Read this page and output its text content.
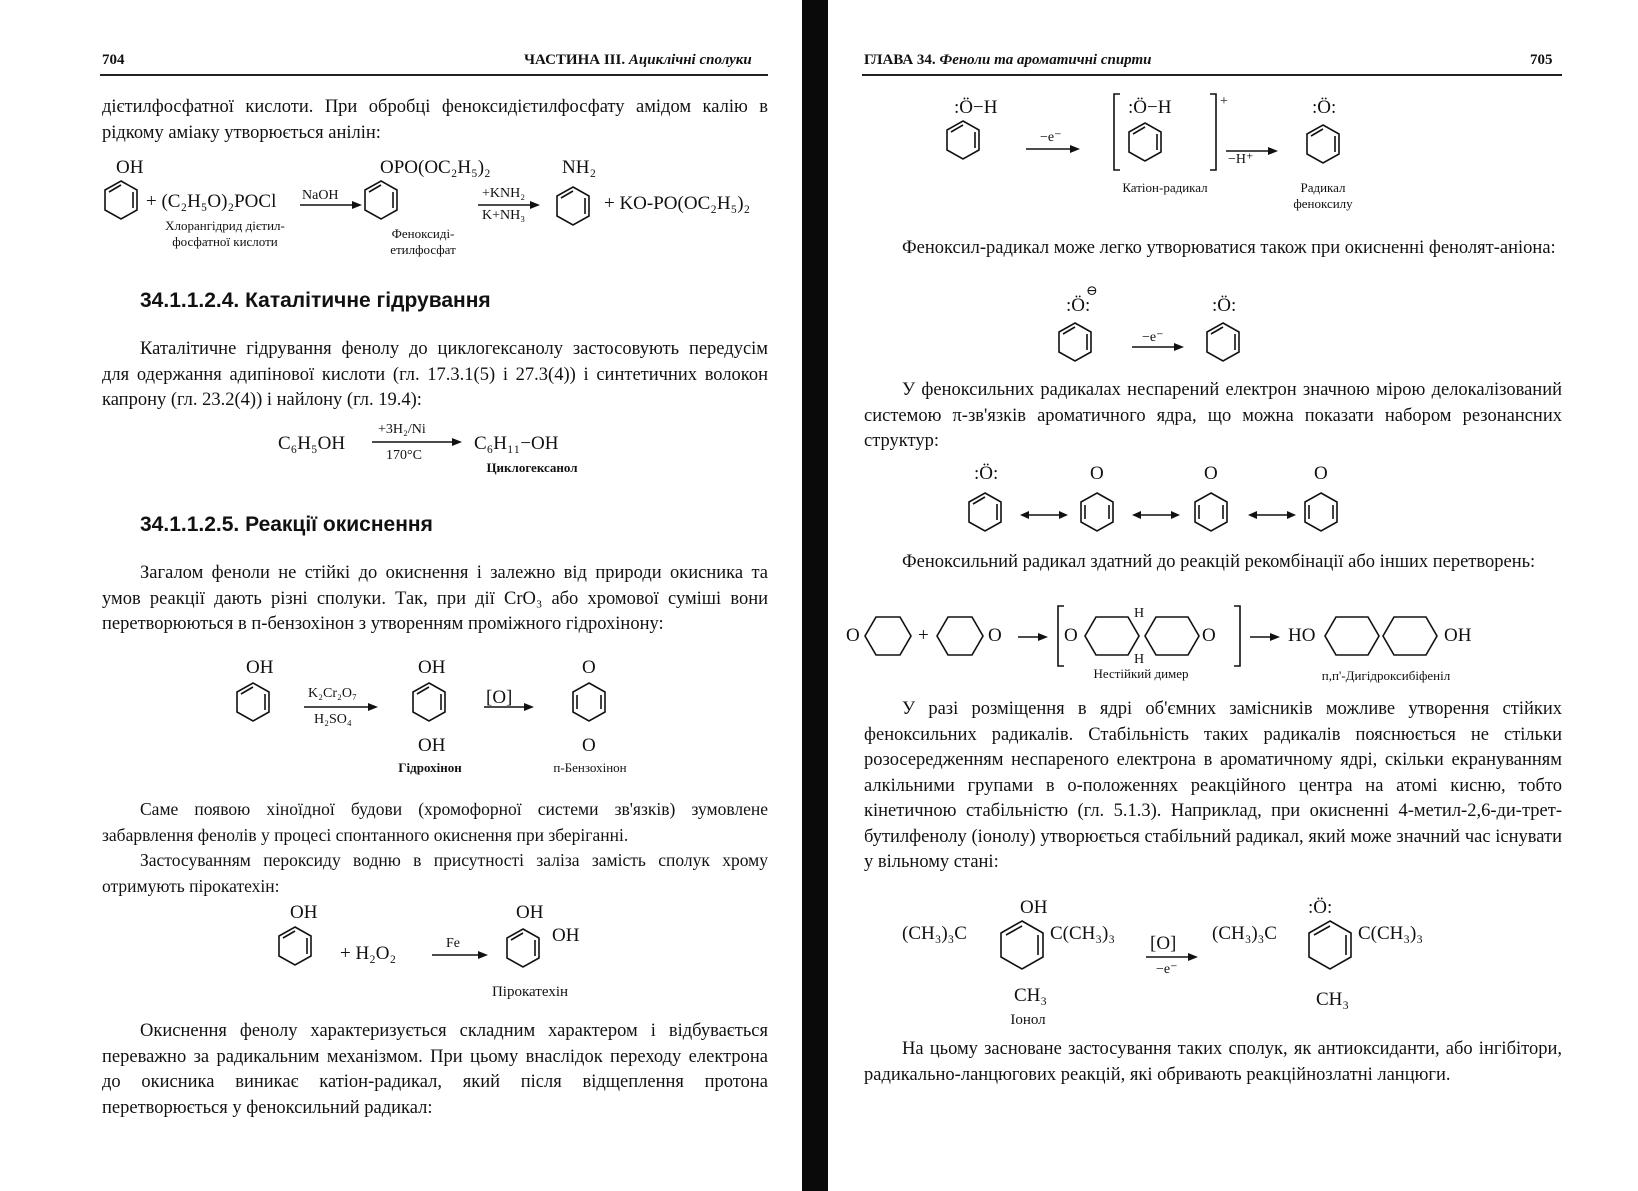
704	ЧАСТИНА III. Ациклічні сполуки
дієтилфосфатної кислоти. При обробці феноксидієтилфосфату амідом калію в рідкому аміаку утворюється анілін:
OH
+ (C₂H₅O)₂POCl NaOH
OPO(OC₂H₅)₂
+KNH₂
K+NH₃
NH₂
+ KO-PO(OC₂H₅)₂
Хлорангідрид дієтил-фосфатної кислоти
Феноксиді-етилфосфат
34.1.1.2.4. Каталітичне гідрування
Каталітичне гідрування фенолу до циклогексанолу застосовують передусім для одержання адипінової кислоти (гл. 17.3.1(5) і 27.3(4)) і синтетичних волокон капрону (гл. 23.2(4)) і найлону (гл. 19.4):
C₆H₅OH
+3H₂/Ni
170°C
C₆H₁₁−OH
Циклогексанол
34.1.1.2.5. Реакції окиснення
Загалом феноли не стійкі до окиснення і залежно від природи окисника та умов реакції дають різні сполуки. Так, при дії CrO₃ або хромової суміші вони перетворюються в п-бензохінон з утворенням проміжного гідрохінону:
OH
K₂Cr₂O₇
H₂SO₄
OH
OH
[O]
O
O
Гідрохінон	п-Бензохінон
Саме появою хіноїдної будови (хромофорної системи зв'язків) зумовлене забарвлення фенолів у процесі спонтанного окиснення при зберіганні.
Застосуванням пероксиду водню в присутності заліза замість сполук хрому отримують пірокатехін:
OH
+ H₂O₂	Fe
OH
OH
Пірокатехін
Окиснення фенолу характеризується складним характером і відбувається переважно за радикальним механізмом. При цьому внаслідок переходу електрона до окисника виникає катіон-радикал, який після відщеплення протона перетворюється у феноксильний радикал:
ГЛАВА 34. Феноли та ароматичні спирти	705
:Ö−H
−e⁻
:Ö−H	+
−H⁺
:Ö:
Катіон-радикал	Радикал феноксилу
Феноксил-радикал може легко утворюватися також при окисненні фенолят-аніона:
:Ö:
⊖
−e⁻
:Ö:
У феноксильних радикалах неспарений електрон значною мірою делокалізований системою π-зв'язків ароматичного ядра, що можна показати набором резонансних структур:
:Ö:	O	O	O
Феноксильний радикал здатний до реакцій рекомбінації або інших перетворень:
O	+	O	O
H
H
O	HO	OH
Нестійкий димер	п,п'-Дигідроксибіфеніл
У разі розміщення в ядрі об'ємних замісників можливе утворення стійких феноксильних радикалів. Стабільність таких радикалів пояснюється не стільки розосередженням неспареного електрона в ароматичному ядрі, скільки екрануванням алкільними групами в о-положеннях реакційного центра на атомі кисню, тобто кінетичною стабільністю (гл. 5.1.3). Наприклад, при окисненні 4-метил-2,6-ди-трет-бутилфенолу (іонолу) утворюється стабільний радикал, який може значний час існувати у вільному стані:
OH
(CH₃)₃C	C(CH₃)₃
CH₃
Іонол
[O]
−e⁻
:Ö:
(CH₃)₃C	C(CH₃)₃
CH₃
На цьому засноване застосування таких сполук, як антиоксиданти, або інгібітори, радикально-ланцюгових реакцій, які обривають реакційнозлатні ланцюги.
